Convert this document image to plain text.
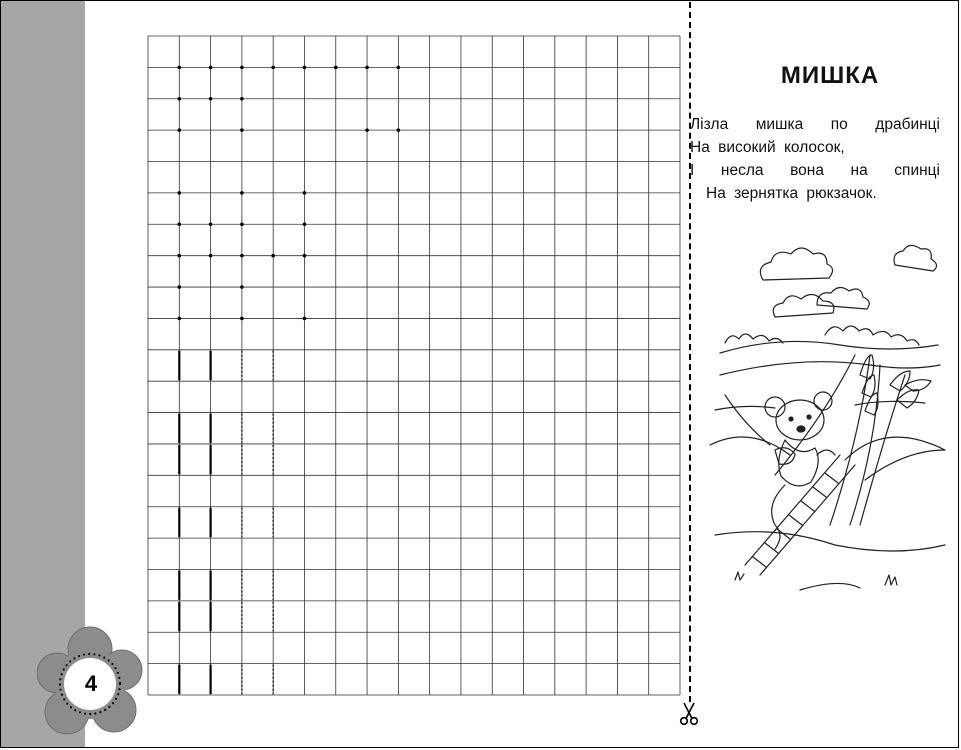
4
МИШКА
Лізла мишка по драбинці
На високий колосок,
І несла вона на спинці
На зернятка рюкзачок.
